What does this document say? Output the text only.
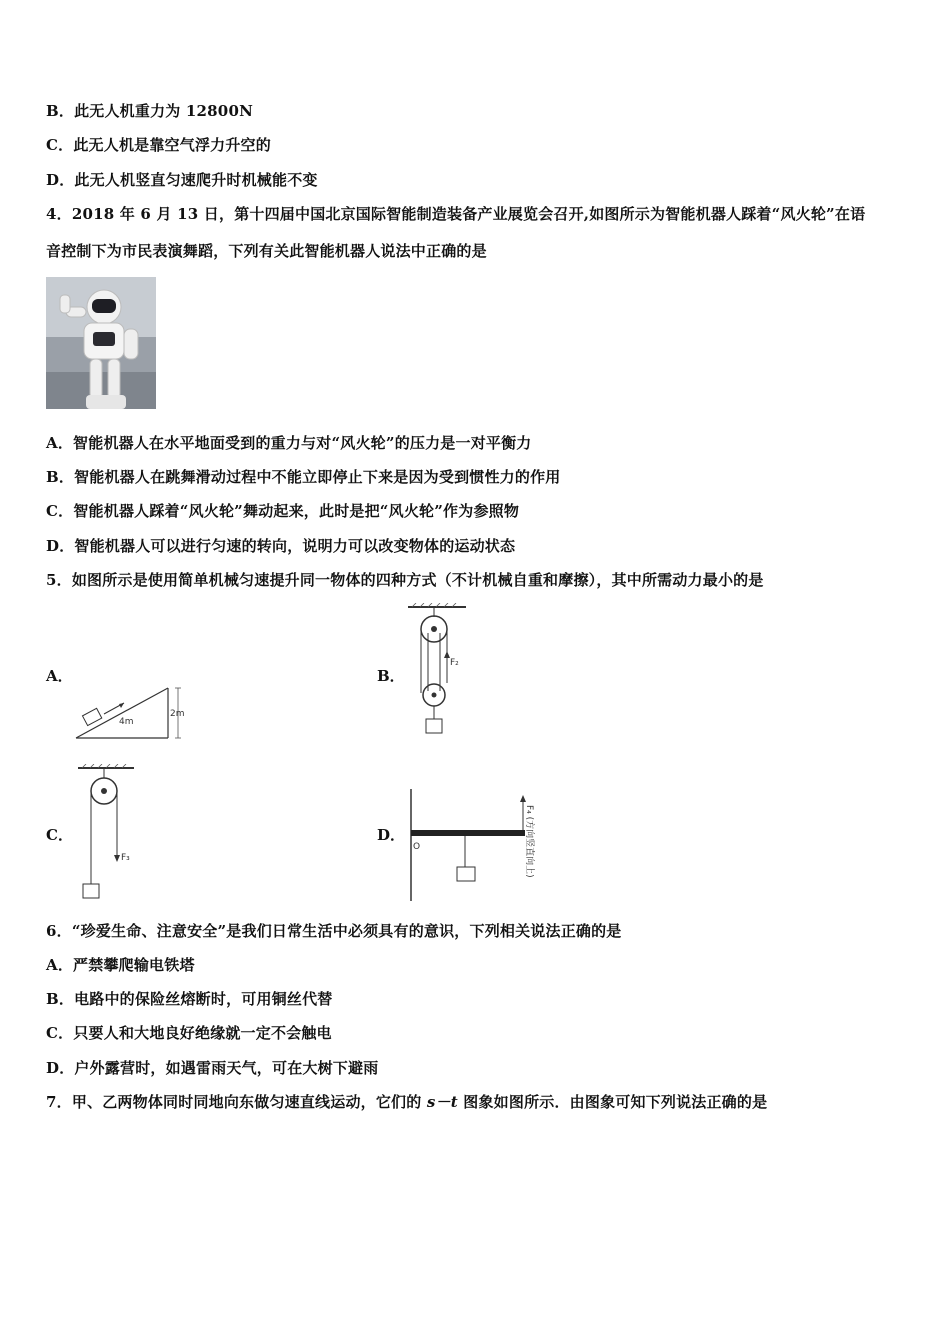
B．此无人机重力为 12800N
C．此无人机是靠空气浮力升空的
D．此无人机竖直匀速爬升时机械能不变
4．2018 年 6 月 13 日，第十四届中国北京国际智能制造装备产业展览会召开,如图所示为智能机器人踩着“风火轮”在语
音控制下为市民表演舞蹈，下列有关此智能机器人说法中正确的是
A．智能机器人在水平地面受到的重力与对“风火轮”的压力是一对平衡力
B．智能机器人在跳舞滑动过程中不能立即停止下来是因为受到惯性力的作用
C．智能机器人踩着“风火轮”舞动起来，此时是把“风火轮”作为参照物
D．智能机器人可以进行匀速的转向，说明力可以改变物体的运动状态
5．如图所示是使用简单机械匀速提升同一物体的四种方式（不计机械自重和摩擦），其中所需动力最小的是
A．
4m
2m
B．
F₂
C．
F₃
D．
O	F₄ (方向竖直向上)
6．“珍爱生命、注意安全”是我们日常生活中必须具有的意识，下列相关说法正确的是
A．严禁攀爬输电铁塔
B．电路中的保险丝熔断时，可用铜丝代替
C．只要人和大地良好绝缘就一定不会触电
D．户外露营时，如遇雷雨天气，可在大树下避雨
7．甲、乙两物体同时同地向东做匀速直线运动，它们的 s－t 图象如图所示．由图象可知下列说法正确的是
